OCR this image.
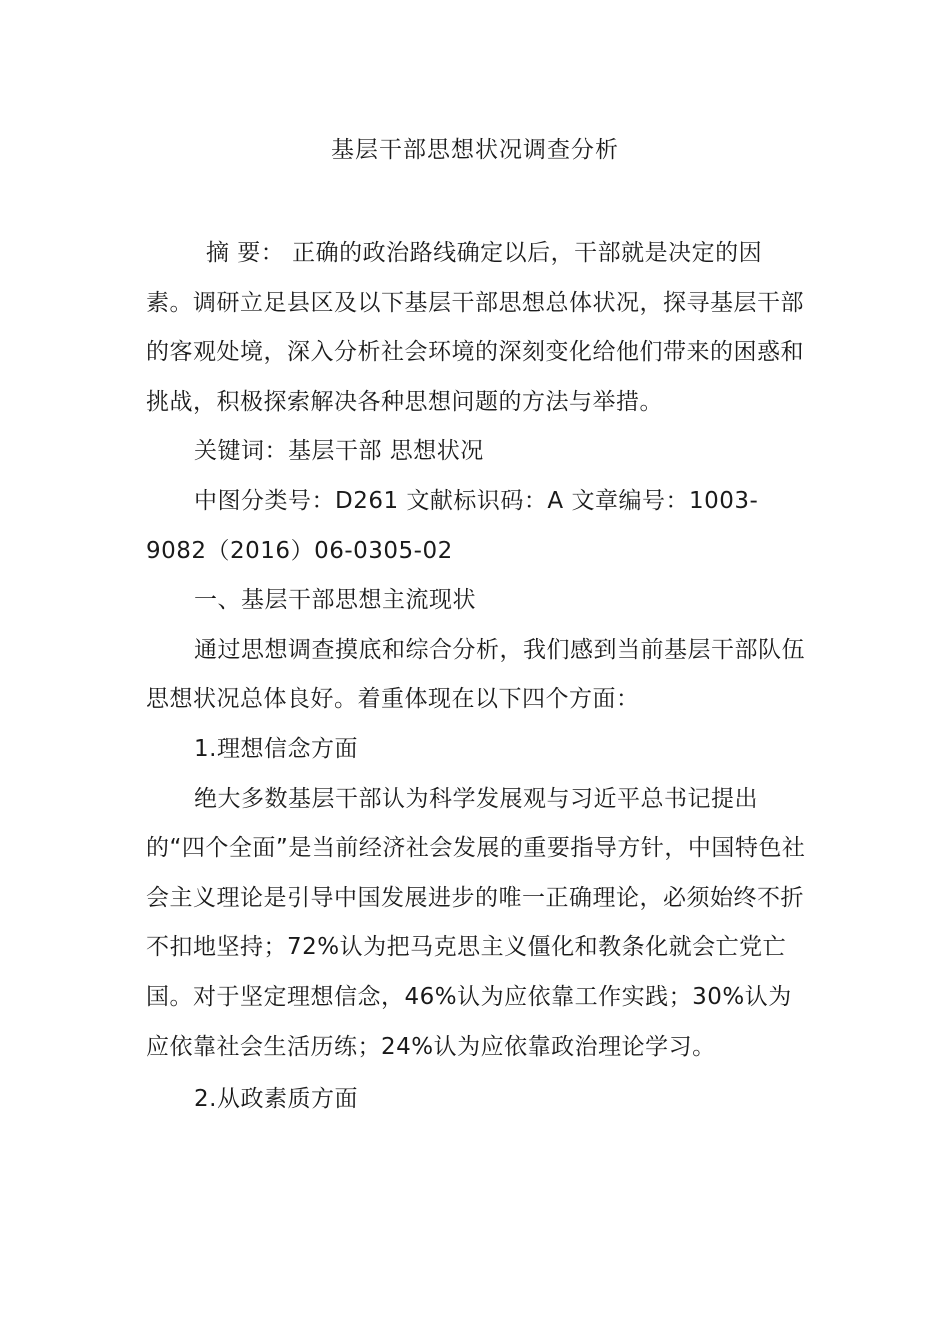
基层干部思想状况调查分析

摘 要： 正确的政治路线确定以后，干部就是决定的因素。调研立足县区及以下基层干部思想总体状况，探寻基层干部的客观处境，深入分析社会环境的深刻变化给他们带来的困惑和挑战，积极探索解决各种思想问题的方法与举措。

关键词：基层干部 思想状况

中图分类号：D261 文献标识码：A 文章编号：1003-9082（2016）06-0305-02

一、基层干部思想主流现状

通过思想调查摸底和综合分析，我们感到当前基层干部队伍思想状况总体良好。着重体现在以下四个方面：

1.理想信念方面

绝大多数基层干部认为科学发展观与习近平总书记提出的“四个全面”是当前经济社会发展的重要指导方针，中国特色社会主义理论是引导中国发展进步的唯一正确理论，必须始终不折不扣地坚持；72%认为把马克思主义僵化和教条化就会亡党亡国。对于坚定理想信念，46%认为应依靠工作实践；30%认为应依靠社会生活历练；24%认为应依靠政治理论学习。

2.从政素质方面
